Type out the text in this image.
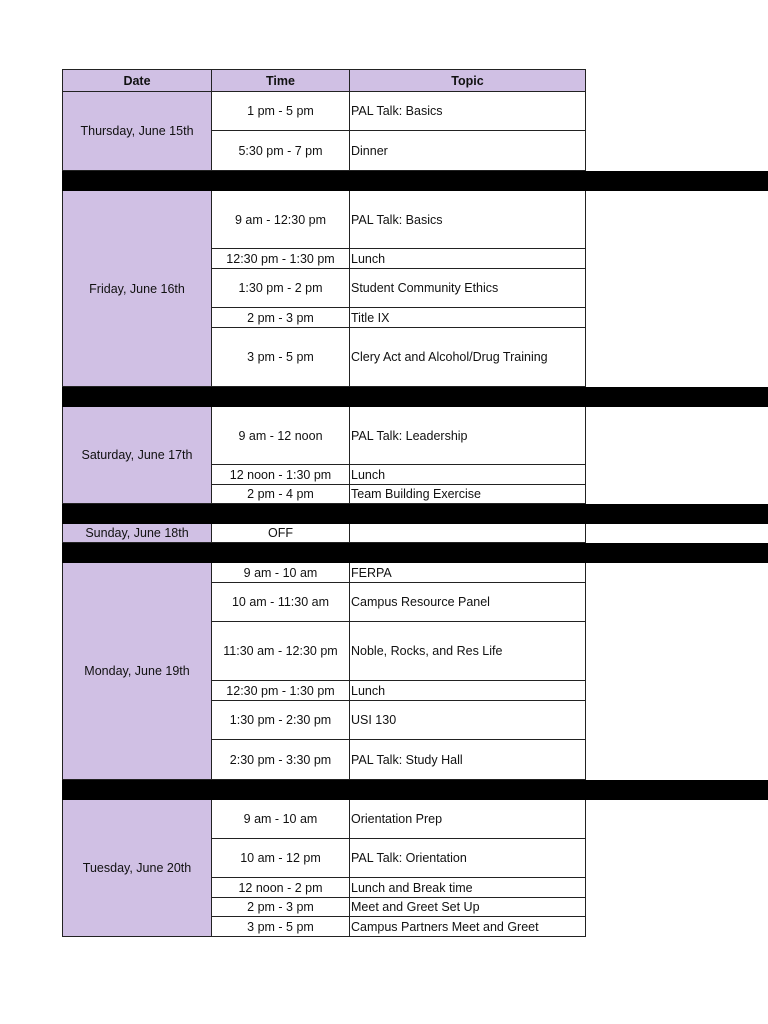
Date	Time	Topic
Thursday, June 15th
1 pm - 5 pm	PAL Talk: Basics
5:30 pm - 7 pm	Dinner
Friday, June 16th
9 am - 12:30 pm	PAL Talk: Basics
12:30 pm - 1:30 pm	Lunch
1:30 pm - 2 pm	Student Community Ethics
2 pm - 3 pm	Title IX
3 pm - 5 pm	Clery Act and Alcohol/Drug Training
Saturday, June 17th
9 am - 12 noon	PAL Talk: Leadership
12 noon - 1:30 pm	Lunch
2 pm - 4 pm	Team Building Exercise
Sunday, June 18th	OFF
Monday, June 19th
9 am - 10 am	FERPA
10 am - 11:30 am	Campus Resource Panel
11:30 am - 12:30 pm	Noble, Rocks, and Res Life
12:30 pm - 1:30 pm	Lunch
1:30 pm - 2:30 pm	USI 130
2:30 pm - 3:30 pm	PAL Talk: Study Hall
Tuesday, June 20th
9 am - 10 am	Orientation Prep
10 am - 12 pm	PAL Talk: Orientation
12 noon - 2 pm	Lunch and Break time
2 pm - 3 pm	Meet and Greet Set Up
3 pm - 5 pm	Campus Partners Meet and Greet
